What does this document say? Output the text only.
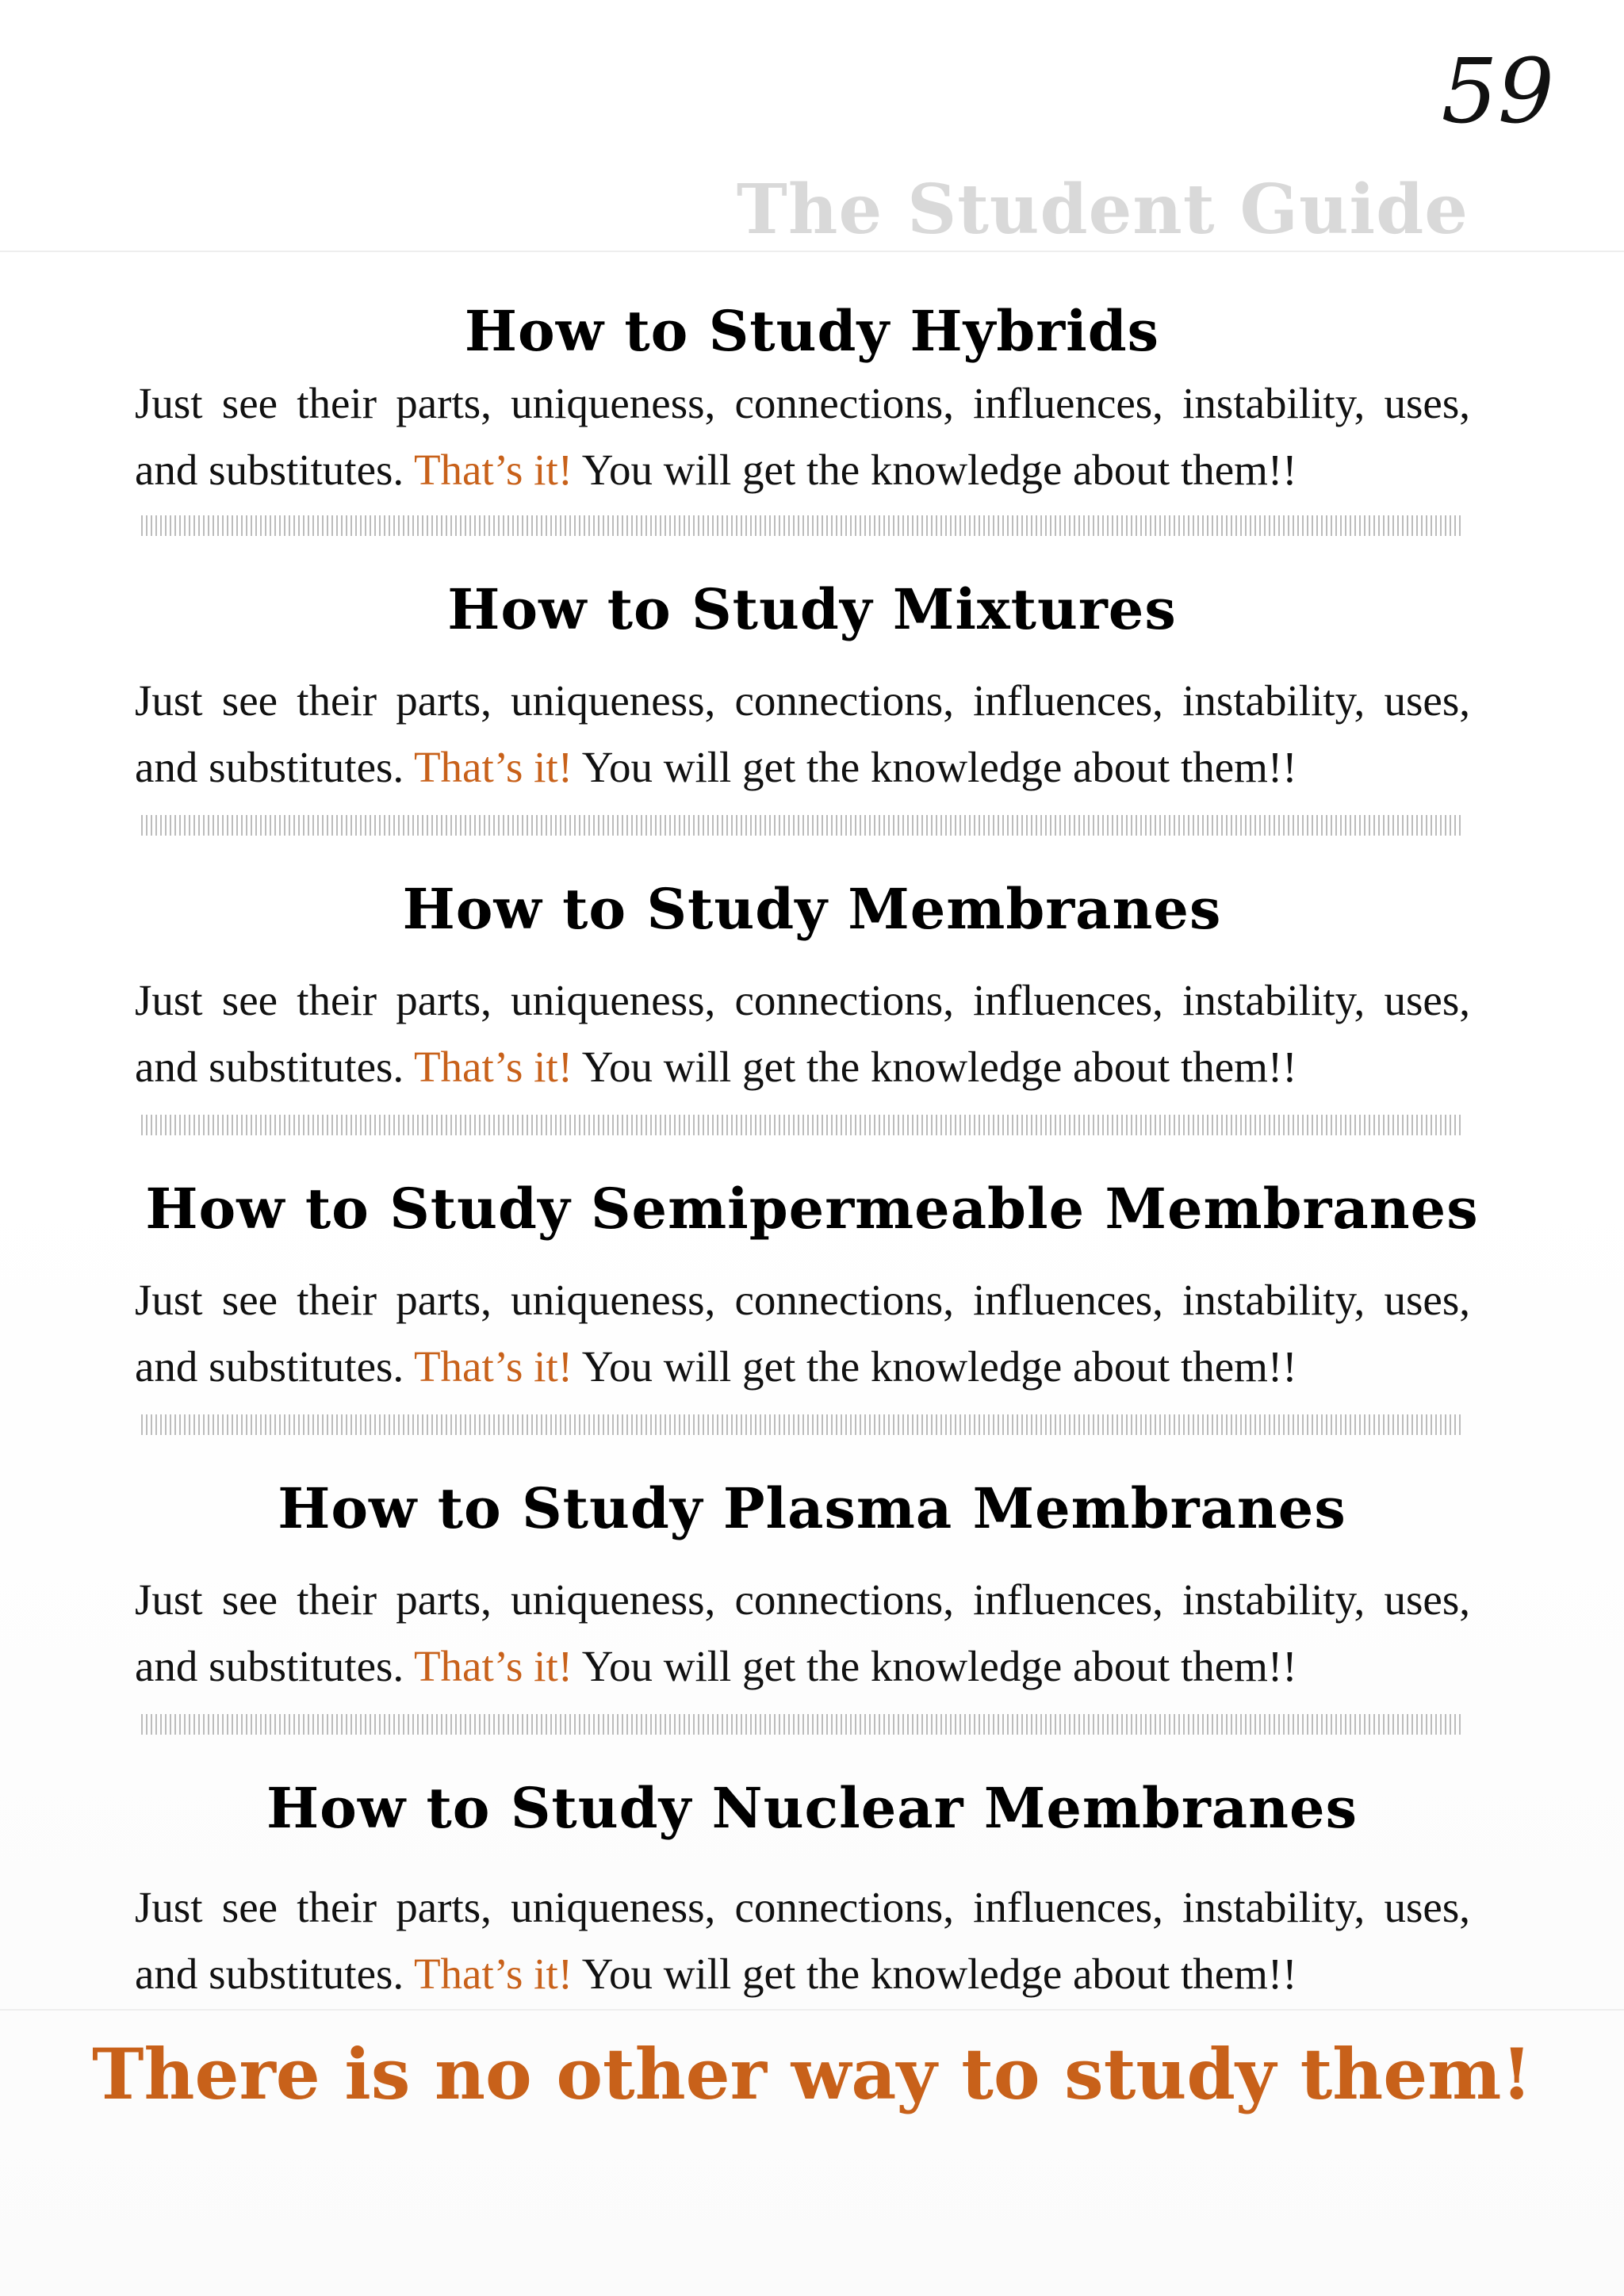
59
The Student Guide
How to Study Hybrids

Just see their parts, uniqueness, connections, influences, instability, uses, and substitutes. That’s it! You will get the knowledge about them!!

How to Study Mixtures

Just see their parts, uniqueness, connections, influences, instability, uses, and substitutes. That’s it! You will get the knowledge about them!!

How to Study Membranes

Just see their parts, uniqueness, connections, influences, instability, uses, and substitutes. That’s it! You will get the knowledge about them!!

How to Study Semipermeable Membranes

Just see their parts, uniqueness, connections, influences, instability, uses, and substitutes. That’s it! You will get the knowledge about them!!

How to Study Plasma Membranes

Just see their parts, uniqueness, connections, influences, instability, uses, and substitutes. That’s it! You will get the knowledge about them!!

How to Study Nuclear Membranes

Just see their parts, uniqueness, connections, influences, instability, uses, and substitutes. That’s it! You will get the knowledge about them!!

There is no other way to study them!
